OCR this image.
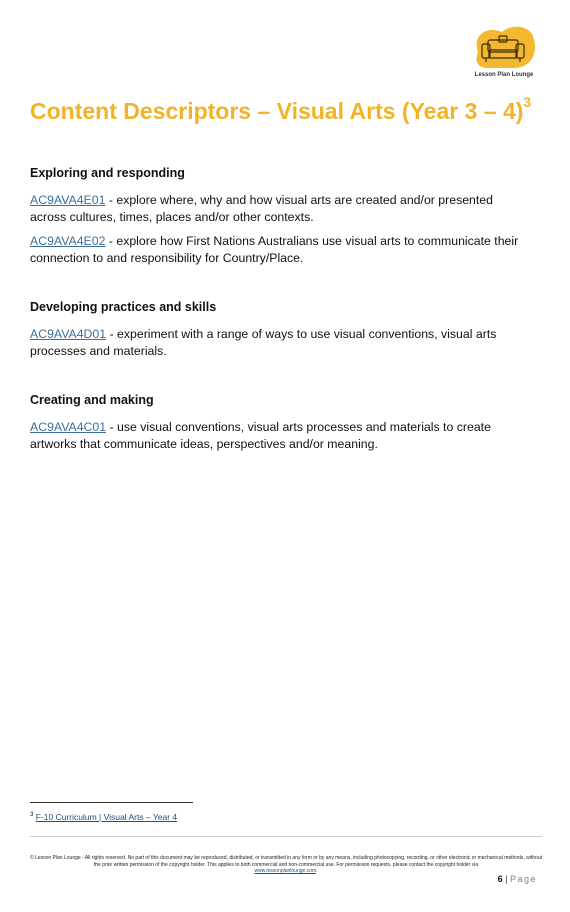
Lesson Plan Lounge
Content Descriptors – Visual Arts (Year 3 – 4)$^3$
Exploring and responding

AC9AVA4E01 - explore where, why and how visual arts are created and/or presented across cultures, times, places and/or other contexts.

AC9AVA4E02 - explore how First Nations Australians use visual arts to communicate their connection to and responsibility for Country/Place.

Developing practices and skills

AC9AVA4D01 - experiment with a range of ways to use visual conventions, visual arts processes and materials.

Creating and making

AC9AVA4C01 - use visual conventions, visual arts processes and materials to create artworks that communicate ideas, perspectives and/or meaning.

$^3$ F-10 Curriculum | Visual Arts – Year 4
© Lesson Plan Lounge - All rights reserved. No part of this document may be reproduced, distributed, or transmitted in any form or by any means, including photocopying, recording, or other electronic or mechanical methods, without the prior written permission of the copyright holder. This applies to both commercial and non-commercial use. For permission requests, please contact the copyright holder via
www.lessonplanlounge.com.
6 | Page
